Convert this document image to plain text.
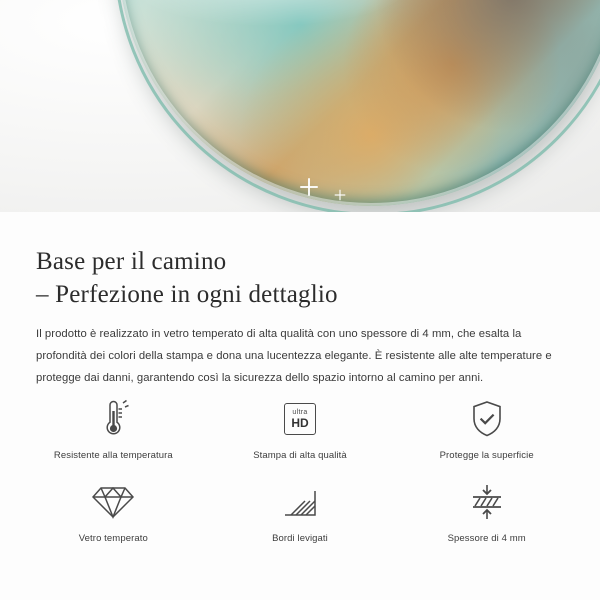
Base per il camino
– Perfezione in ogni dettaglio

Il prodotto è realizzato in vetro temperato di alta qualità con uno spessore di 4 mm, che esalta la profondità dei colori della stampa e dona una lucentezza elegante. È resistente alle alte temperature e protegge dai danni, garantendo così la sicurezza dello spazio intorno al camino per anni.

Resistente alla temperatura
ultra
HD
Stampa di alta qualità	Protegge la superficie
Vetro temperato	Bordi levigati	Spessore di 4 mm
